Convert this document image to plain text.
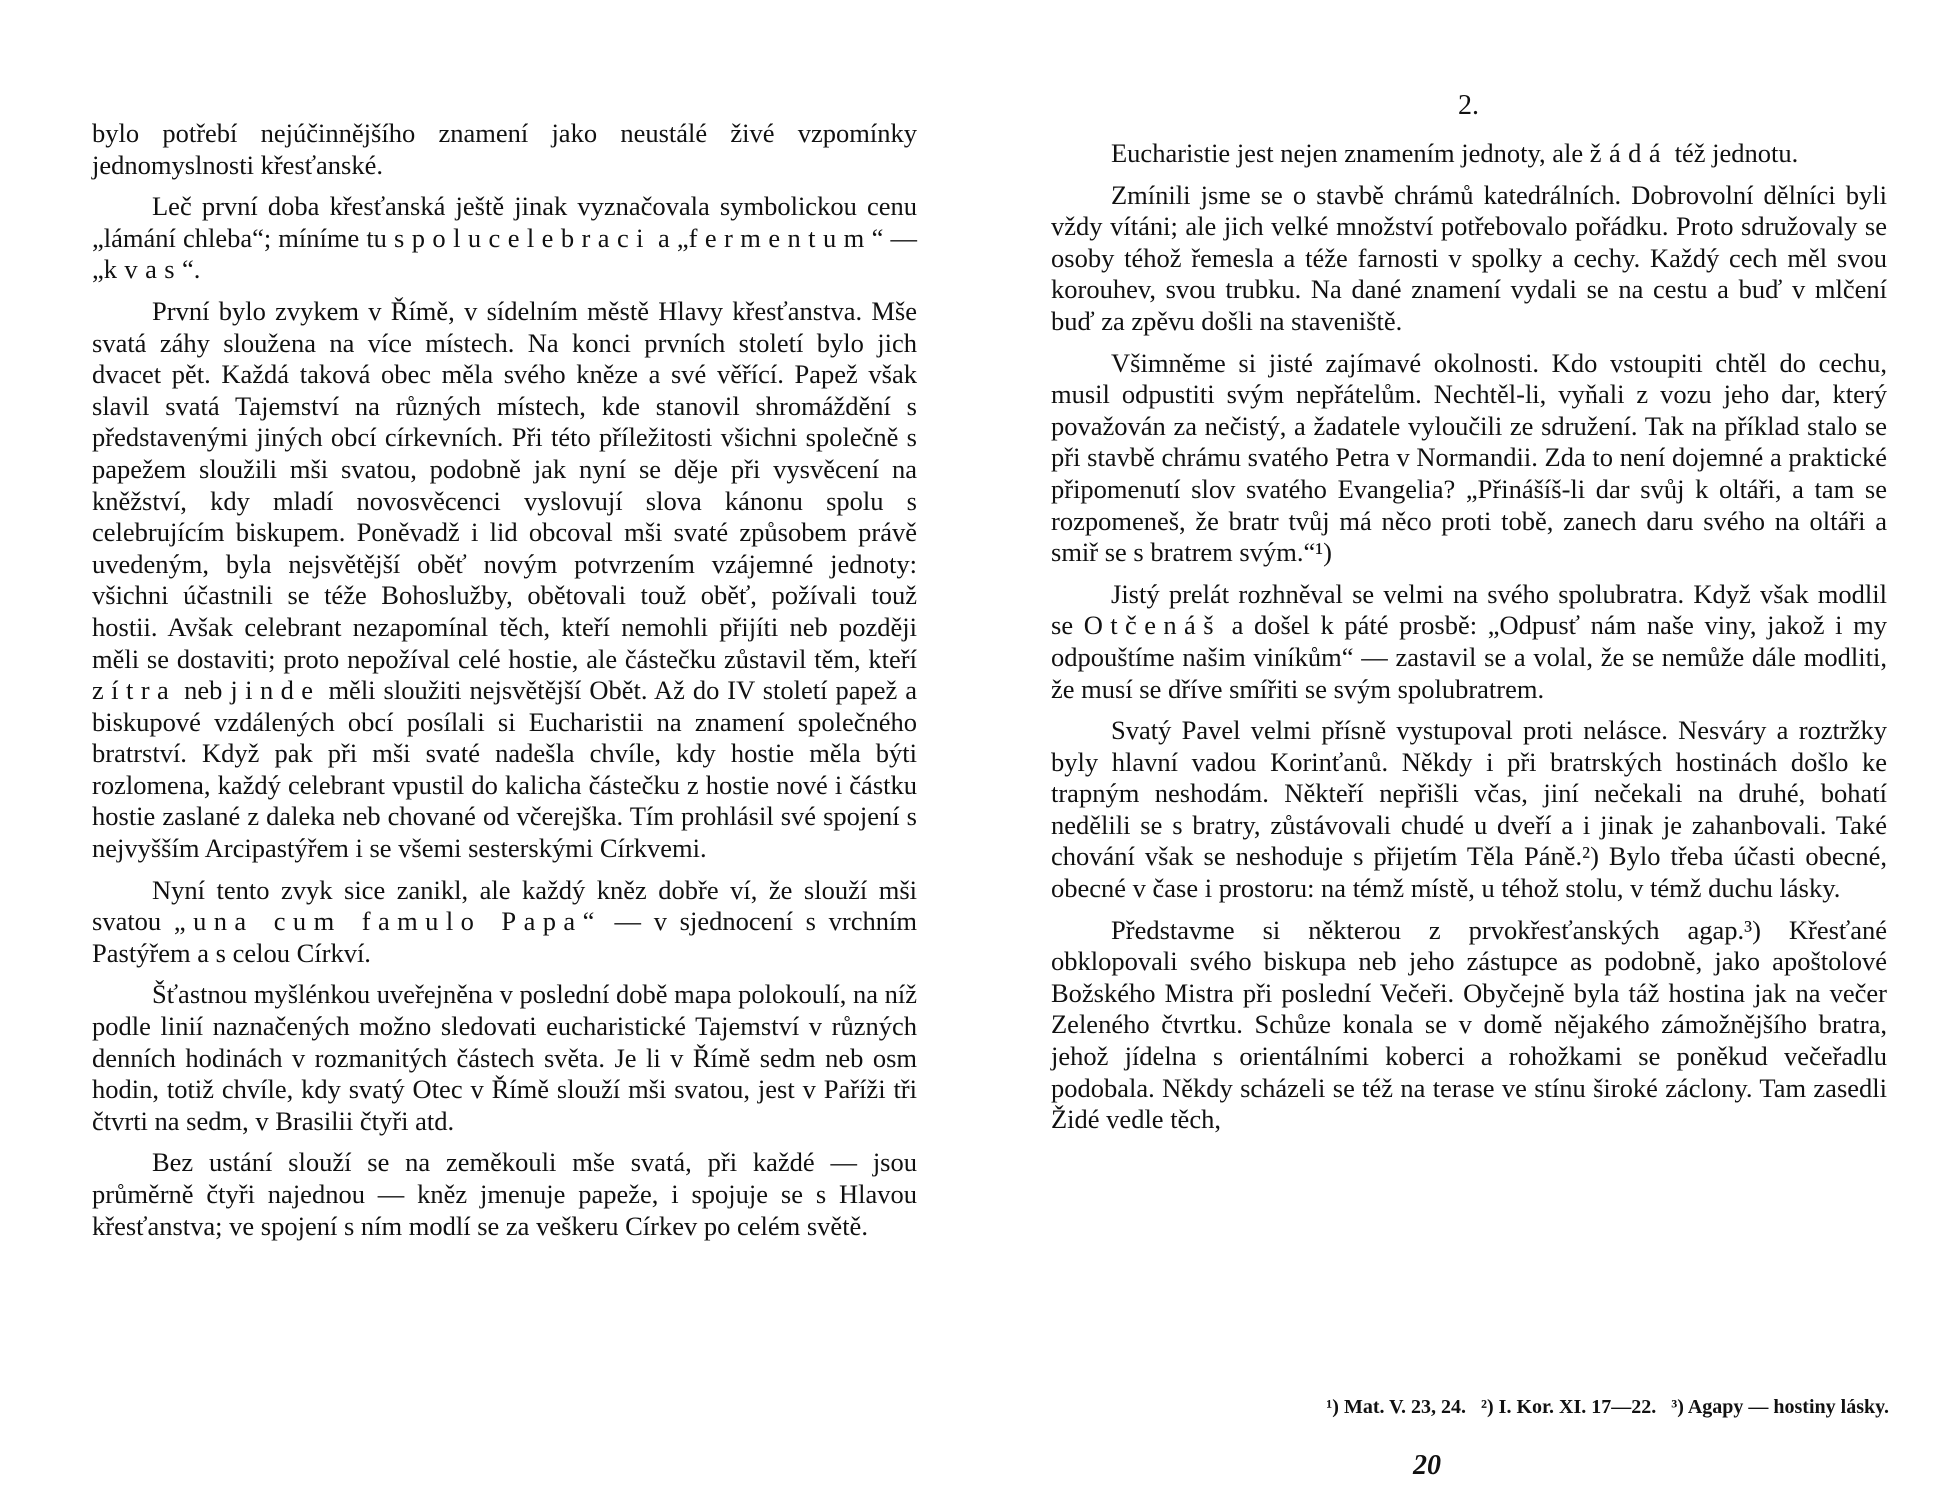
bylo potřebí nejúčinnějšího znamení jako neustálé živé vzpomínky jednomyslnosti křesťanské.

Leč první doba křesťanská ještě jinak vyznačovala symbolickou cenu „lámání chleba“; míníme tu spolucelebraci a „fermentum“ — „kvas“.

První bylo zvykem v Římě, v sídelním městě Hlavy křesťanstva. Mše svatá záhy sloužena na více místech. Na konci prvních století bylo jich dvacet pět. Každá taková obec měla svého kněze a své věřící. Papež však slavil svatá Tajemství na různých místech, kde stanovil shromáždění s představenými jiných obcí církevních. Při této příležitosti všichni společně s papežem sloužili mši svatou, podobně jak nyní se děje při vysvěcení na kněžství, kdy mladí novosvěcenci vyslovují slova kánonu spolu s celebrujícím biskupem. Poněvadž i lid obcoval mši svaté způsobem právě uvedeným, byla nejsvětější oběť novým potvrzením vzájemné jednoty: všichni účastnili se téže Bohoslužby, obětovali touž oběť, požívali touž hostii. Avšak celebrant nezapomínal těch, kteří nemohli přijíti neb později měli se dostaviti; proto nepožíval celé hostie, ale částečku zůstavil těm, kteří zítra neb jinde měli sloužiti nejsvětější Obět. Až do IV století papež a biskupové vzdálených obcí posílali si Eucharistii na znamení společného bratrství. Když pak při mši svaté nadešla chvíle, kdy hostie měla býti rozlomena, každý celebrant vpustil do kalicha částečku z hostie nové i částku hostie zaslané z daleka neb chované od včerejška. Tím prohlásil své spojení s nejvyšším Arcipastýřem i se všemi sesterskými Církvemi.

Nyní tento zvyk sice zanikl, ale každý kněz dobře ví, že slouží mši svatou „una cum famulo Papa“ — v sjednocení s vrchním Pastýřem a s celou Církví.

Šťastnou myšlénkou uveřejněna v poslední době mapa polokoulí, na níž podle linií naznačených možno sledovati eucharistické Tajemství v různých denních hodinách v rozmanitých částech světa. Je li v Římě sedm neb osm hodin, totiž chvíle, kdy svatý Otec v Římě slouží mši svatou, jest v Paříži tři čtvrti na sedm, v Brasilii čtyři atd.

Bez ustání slouží se na zeměkouli mše svatá, při každé — jsou průměrně čtyři najednou — kněz jmenuje papeže, i spojuje se s Hlavou křesťanstva; ve spojení s ním modlí se za veškeru Církev po celém světě.

2.

Eucharistie jest nejen znamením jednoty, ale žádá též jednotu.

Zmínili jsme se o stavbě chrámů katedrálních. Dobrovolní dělníci byli vždy vítáni; ale jich velké množství potřebovalo pořádku. Proto sdružovaly se osoby téhož řemesla a téže farnosti v spolky a cechy. Každý cech měl svou korouhev, svou trubku. Na dané znamení vydali se na cestu a buď v mlčení buď za zpěvu došli na staveniště.

Všimněme si jisté zajímavé okolnosti. Kdo vstoupiti chtěl do cechu, musil odpustiti svým nepřátelům. Nechtěl-li, vyňali z vozu jeho dar, který považován za nečistý, a žadatele vyloučili ze sdružení. Tak na příklad stalo se při stavbě chrámu svatého Petra v Normandii. Zda to není dojemné a praktické připomenutí slov svatého Evangelia? „Přinášíš-li dar svůj k oltáři, a tam se rozpomeneš, že bratr tvůj má něco proti tobě, zanech daru svého na oltáři a smiř se s bratrem svým.“¹)

Jistý prelát rozhněval se velmi na svého spolubratra. Když však modlil se Otčenáš a došel k páté prosbě: „Odpusť nám naše viny, jakož i my odpouštíme našim viníkům“ — zastavil se a volal, že se nemůže dále modliti, že musí se dříve smířiti se svým spolubratrem.

Svatý Pavel velmi přísně vystupoval proti nelásce. Nesváry a roztržky byly hlavní vadou Korinťanů. Někdy i při bratrských hostinách došlo ke trapným neshodám. Někteří nepřišli včas, jiní nečekali na druhé, bohatí nedělili se s bratry, zůstávovali chudé u dveří a i jinak je zahanbovali. Také chování však se neshoduje s přijetím Těla Páně.²) Bylo třeba účasti obecné, obecné v čase i prostoru: na témž místě, u téhož stolu, v témž duchu lásky.

Představme si některou z prvokřesťanských agap.³) Křesťané obklopovali svého biskupa neb jeho zástupce as podobně, jako apoštolové Božského Mistra při poslední Večeři. Obyčejně byla táž hostina jak na večer Zeleného čtvrtku. Schůze konala se v domě nějakého zámožnějšího bratra, jehož jídelna s orientálními koberci a rohožkami se poněkud večeřadlu podobala. Někdy scházeli se též na terase ve stínu široké záclony. Tam zasedli Židé vedle těch,

¹) Mat. V. 23, 24. ²) I. Kor. XI. 17—22. ³) Agapy — hostiny lásky.
20
